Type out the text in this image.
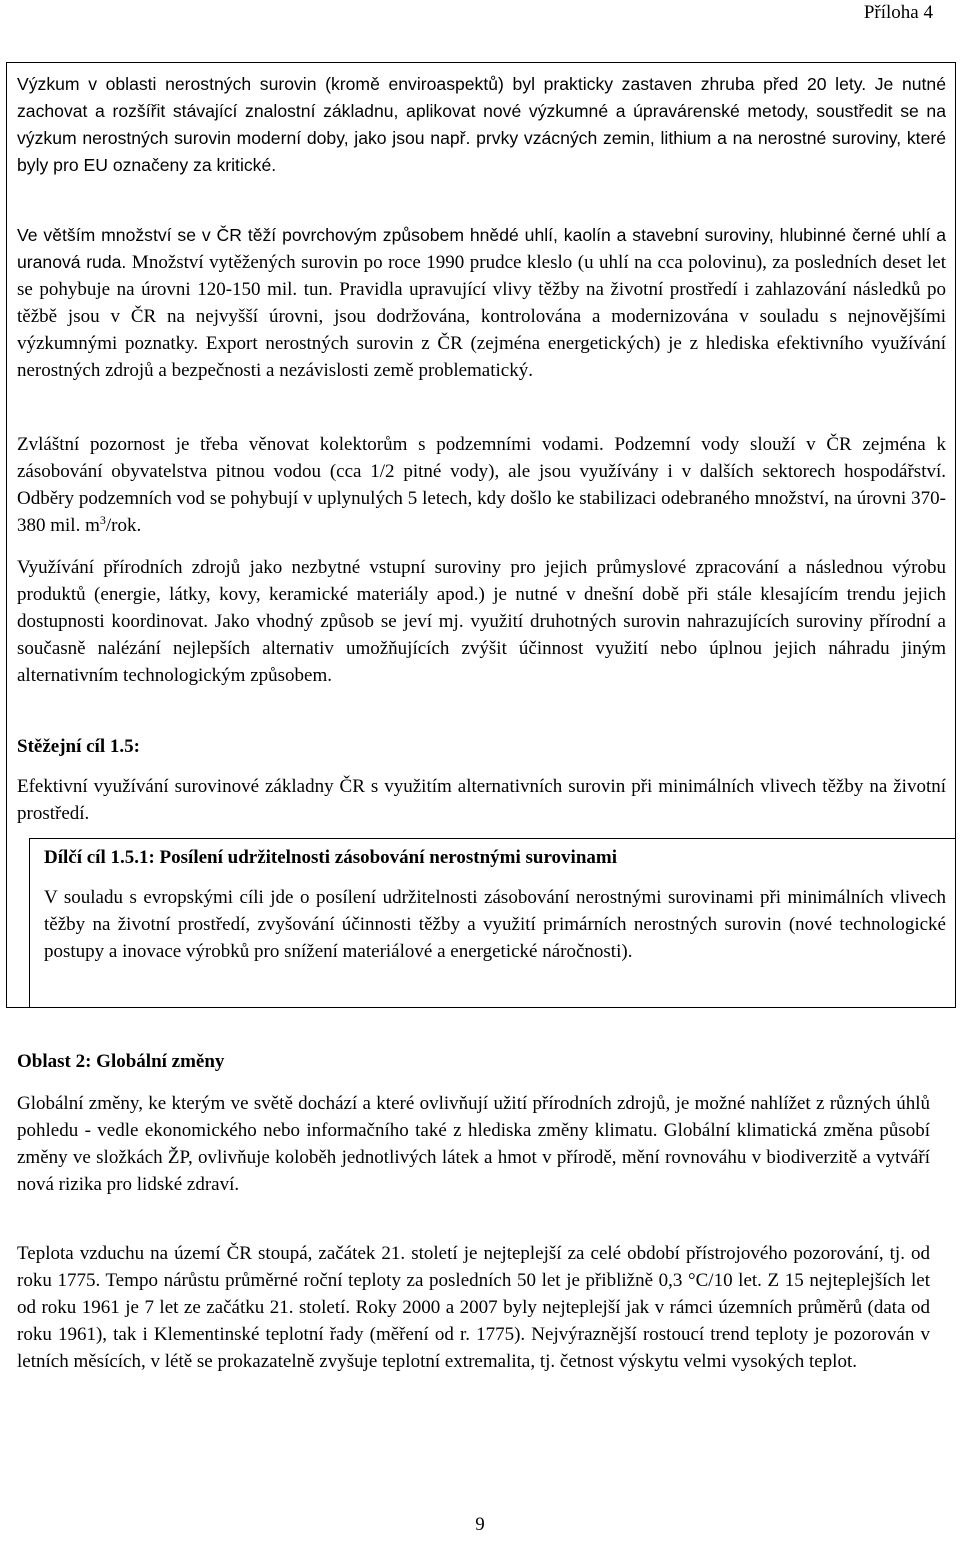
Příloha 4
Výzkum v oblasti nerostných surovin (kromě enviroaspektů) byl prakticky zastaven zhruba před 20 lety. Je nutné zachovat a rozšířit stávající znalostní základnu, aplikovat nové výzkumné a úpravárenské metody, soustředit se na výzkum nerostných surovin moderní doby, jako jsou např. prvky vzácných zemin, lithium a na nerostné suroviny, které byly pro EU označeny za kritické.
Ve větším množství se v ČR těží povrchovým způsobem hnědé uhlí, kaolín a stavební suroviny, hlubinné černé uhlí a uranová ruda. Množství vytěžených surovin po roce 1990 prudce kleslo (u uhlí na cca polovinu), za posledních deset let se pohybuje na úrovni 120-150 mil. tun. Pravidla upravující vlivy těžby na životní prostředí i zahlazování následků po těžbě jsou v ČR na nejvyšší úrovni, jsou dodržována, kontrolována a modernizována v souladu s nejnovějšími výzkumnými poznatky. Export nerostných surovin z ČR (zejména energetických) je z hlediska efektivního využívání nerostných zdrojů a bezpečnosti a nezávislosti země problematický.
Zvláštní pozornost je třeba věnovat kolektorům s podzemními vodami. Podzemní vody slouží v ČR zejména k zásobování obyvatelstva pitnou vodou (cca 1/2 pitné vody), ale jsou využívány i v dalších sektorech hospodářství. Odběry podzemních vod se pohybují v uplynulých 5 letech, kdy došlo ke stabilizaci odebraného množství, na úrovni 370-380 mil. $m^3$/rok.
Využívání přírodních zdrojů jako nezbytné vstupní suroviny pro jejich průmyslové zpracování a následnou výrobu produktů (energie, látky, kovy, keramické materiály apod.) je nutné v dnešní době při stále klesajícím trendu jejich dostupnosti koordinovat. Jako vhodný způsob se jeví mj. využití druhotných surovin nahrazujících suroviny přírodní a současně nalézání nejlepších alternativ umožňujících zvýšit účinnost využití nebo úplnou jejich náhradu jiným alternativním technologickým způsobem.
Stěžejní cíl 1.5:
Efektivní využívání surovinové základny ČR s využitím alternativních surovin při minimálních vlivech těžby na životní prostředí.
Dílčí cíl 1.5.1: Posílení udržitelnosti zásobování nerostnými surovinami
V souladu s evropskými cíli jde o posílení udržitelnosti zásobování nerostnými surovinami při minimálních vlivech těžby na životní prostředí, zvyšování účinnosti těžby a využití primárních nerostných surovin (nové technologické postupy a inovace výrobků pro snížení materiálové a energetické náročnosti).
Oblast 2: Globální změny
Globální změny, ke kterým ve světě dochází a které ovlivňují užití přírodních zdrojů, je možné nahlížet z různých úhlů pohledu - vedle ekonomického nebo informačního také z hlediska změny klimatu. Globální klimatická změna působí změny ve složkách ŽP, ovlivňuje koloběh jednotlivých látek a hmot v přírodě, mění rovnováhu v biodiverzitě a vytváří nová rizika pro lidské zdraví.
Teplota vzduchu na území ČR stoupá, začátek 21. století je nejteplejší za celé období přístrojového pozorování, tj. od roku 1775. Tempo nárůstu průměrné roční teploty za posledních 50 let je přibližně 0,3 °C/10 let. Z 15 nejteplejších let od roku 1961 je 7 let ze začátku 21. století. Roky 2000 a 2007 byly nejteplejší jak v rámci územních průměrů (data od roku 1961), tak i Klementinské teplotní řady (měření od r. 1775). Nejvýraznější rostoucí trend teploty je pozorován v letních měsících, v létě se prokazatelně zvyšuje teplotní extremalita, tj. četnost výskytu velmi vysokých teplot.
9
